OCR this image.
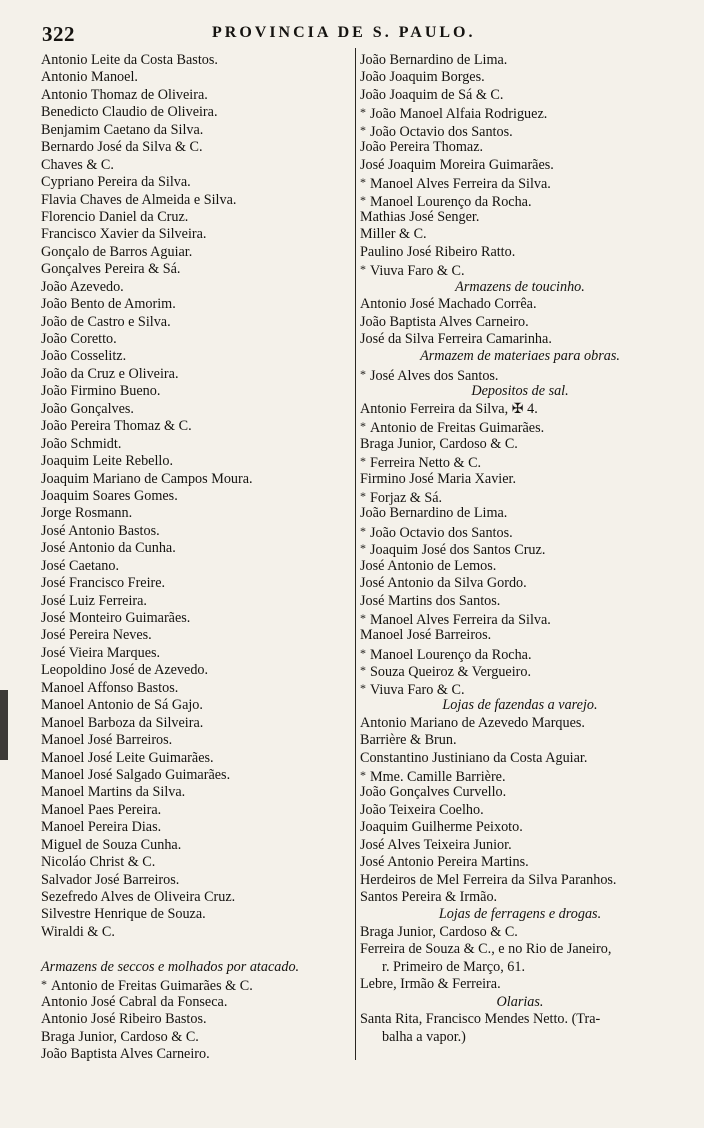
322	PROVINCIA DE S. PAULO.
Antonio Leite da Costa Bastos.
Antonio Manoel.
Antonio Thomaz de Oliveira.
Benedicto Claudio de Oliveira.
Benjamim Caetano da Silva.
Bernardo José da Silva & C.
Chaves & C.
Cypriano Pereira da Silva.
Flavia Chaves de Almeida e Silva.
Florencio Daniel da Cruz.
Francisco Xavier da Silveira.
Gonçalo de Barros Aguiar.
Gonçalves Pereira & Sá.
João Azevedo.
João Bento de Amorim.
João de Castro e Silva.
João Coretto.
João Cosselitz.
João da Cruz e Oliveira.
João Firmino Bueno.
João Gonçalves.
João Pereira Thomaz & C.
João Schmidt.
Joaquim Leite Rebello.
Joaquim Mariano de Campos Moura.
Joaquim Soares Gomes.
Jorge Rosmann.
José Antonio Bastos.
José Antonio da Cunha.
José Caetano.
José Francisco Freire.
José Luiz Ferreira.
José Monteiro Guimarães.
José Pereira Neves.
José Vieira Marques.
Leopoldino José de Azevedo.
Manoel Affonso Bastos.
Manoel Antonio de Sá Gajo.
Manoel Barboza da Silveira.
Manoel José Barreiros.
Manoel José Leite Guimarães.
Manoel José Salgado Guimarães.
Manoel Martins da Silva.
Manoel Paes Pereira.
Manoel Pereira Dias.
Miguel de Souza Cunha.
Nicoláo Christ & C.
Salvador José Barreiros.
Sezefredo Alves de Oliveira Cruz.
Silvestre Henrique de Souza.
Wiraldi & C.
Armazens de seccos e molhados por atacado.
* Antonio de Freitas Guimarães & C.
Antonio José Cabral da Fonseca.
Antonio José Ribeiro Bastos.
Braga Junior, Cardoso & C.
João Baptista Alves Carneiro.
João Bernardino de Lima.
João Joaquim Borges.
João Joaquim de Sá & C.
* João Manoel Alfaia Rodriguez.
* João Octavio dos Santos.
João Pereira Thomaz.
José Joaquim Moreira Guimarães.
* Manoel Alves Ferreira da Silva.
* Manoel Lourenço da Rocha.
Mathias José Senger.
Miller & C.
Paulino José Ribeiro Ratto.
* Viuva Faro & C.
Armazens de toucinho.
Antonio José Machado Corrêa.
João Baptista Alves Carneiro.
José da Silva Ferreira Camarinha.
Armazem de materiaes para obras.
* José Alves dos Santos.
Depositos de sal.
Antonio Ferreira da Silva, ✠ 4.
* Antonio de Freitas Guimarães.
Braga Junior, Cardoso & C.
* Ferreira Netto & C.
Firmino José Maria Xavier.
* Forjaz & Sá.
João Bernardino de Lima.
* João Octavio dos Santos.
* Joaquim José dos Santos Cruz.
José Antonio de Lemos.
José Antonio da Silva Gordo.
José Martins dos Santos.
* Manoel Alves Ferreira da Silva.
Manoel José Barreiros.
* Manoel Lourenço da Rocha.
* Souza Queiroz & Vergueiro.
* Viuva Faro & C.
Lojas de fazendas a varejo.
Antonio Mariano de Azevedo Marques.
Barrière & Brun.
Constantino Justiniano da Costa Aguiar.
* Mme. Camille Barrière.
João Gonçalves Curvello.
João Teixeira Coelho.
Joaquim Guilherme Peixoto.
José Alves Teixeira Junior.
José Antonio Pereira Martins.
Herdeiros de Mel Ferreira da Silva Paranhos.
Santos Pereira & Irmão.
Lojas de ferragens e drogas.
Braga Junior, Cardoso & C.
Ferreira de Souza & C., e no Rio de Janeiro,
r. Primeiro de Março, 61.
Lebre, Irmão & Ferreira.
Olarias.
Santa Rita, Francisco Mendes Netto. (Tra-
balha a vapor.)
